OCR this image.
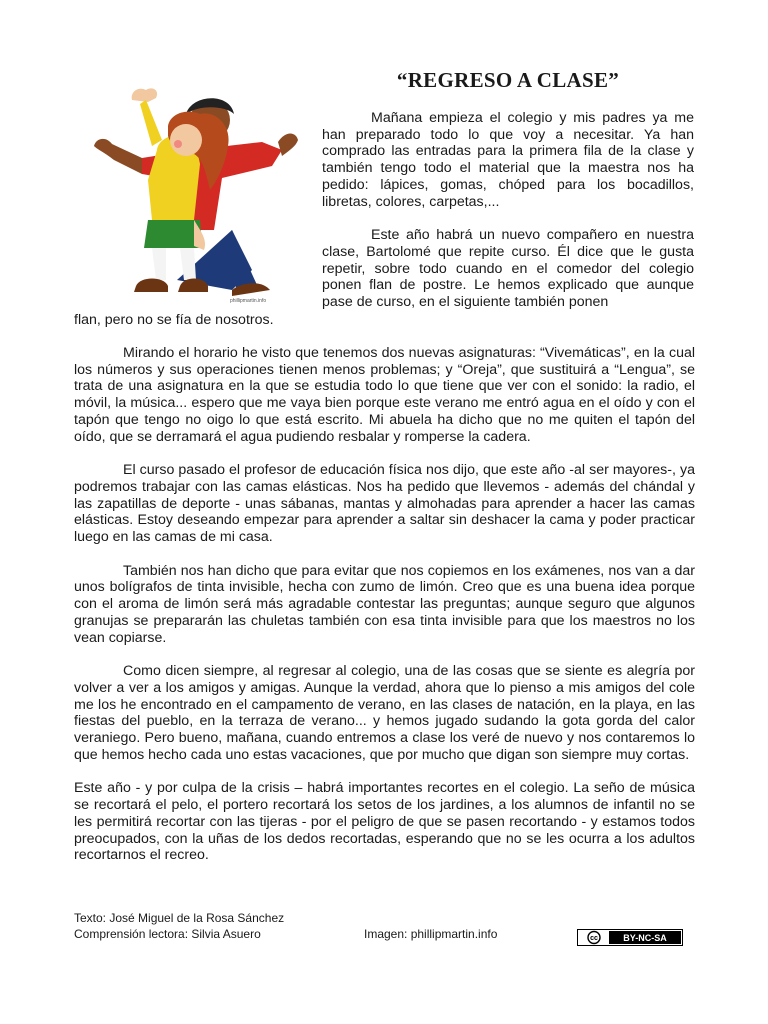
“REGRESO A CLASE”
phillipmartin.info

Mañana empieza el colegio y mis padres ya me han preparado todo lo que voy a necesitar. Ya han comprado las entradas para la primera fila de la clase y también tengo todo el material que la maestra nos ha pedido: lápices, gomas, chóped para los bocadillos, libretas, colores, carpetas,...

Este año habrá un nuevo compañero en nuestra clase, Bartolomé que repite curso. Él dice que le gusta repetir, sobre todo cuando en el comedor del colegio ponen flan de postre. Le hemos explicado que aunque pase de curso, en el siguiente también ponen

flan, pero no se fía de nosotros.

Mirando el horario he visto que tenemos dos nuevas asignaturas: “Vivemáticas”, en la cual los números y sus operaciones tienen menos problemas; y “Oreja”, que sustituirá a “Lengua”, se trata de una asignatura en la que se estudia todo lo que tiene que ver con el sonido: la radio, el móvil, la música... espero que me vaya bien porque este verano me entró agua en el oído y con el tapón que tengo no oigo lo que está escrito. Mi abuela ha dicho que no me quiten el tapón del oído, que se derramará el agua pudiendo resbalar y romperse la cadera.

El curso pasado el profesor de educación física nos dijo, que este año -al ser mayores-, ya podremos trabajar con las camas elásticas. Nos ha pedido que llevemos - además del chándal y las zapatillas de deporte - unas sábanas, mantas y almohadas para aprender a hacer las camas elásticas. Estoy deseando empezar para aprender a saltar sin deshacer la cama y poder practicar luego en las camas de mi casa.

También nos han dicho que para evitar que nos copiemos en los exámenes, nos van a dar unos bolígrafos de tinta invisible, hecha con zumo de limón. Creo que es una buena idea porque con el aroma de limón será más agradable contestar las preguntas; aunque seguro que algunos granujas se prepararán las chuletas también con esa tinta invisible para que los maestros no los vean copiarse.

Como dicen siempre, al regresar al colegio, una de las cosas que se siente es alegría por volver a ver a los amigos y amigas. Aunque la verdad, ahora que lo pienso a mis amigos del cole me los he encontrado en el campamento de verano, en las clases de natación, en la playa, en las fiestas del pueblo, en la terraza de verano... y hemos jugado sudando la gota gorda del calor veraniego. Pero bueno, mañana, cuando entremos a clase los veré de nuevo y nos contaremos lo que hemos hecho cada uno estas vacaciones, que por mucho que digan son siempre muy cortas.

Este año - y por culpa de la crisis – habrá importantes recortes en el colegio. La seño de música se recortará el pelo, el portero recortará los setos de los jardines, a los alumnos de infantil no se les permitirá recortar con las tijeras - por el peligro de que se pasen recortando - y estamos todos preocupados, con la uñas de los dedos recortadas, esperando que no se les ocurra a los adultos recortarnos el recreo.

Texto: José Miguel de la Rosa Sánchez
Comprensión lectora: Silvia Asuero	Imagen: phillipmartin.info	cc	BY-NC-SA
